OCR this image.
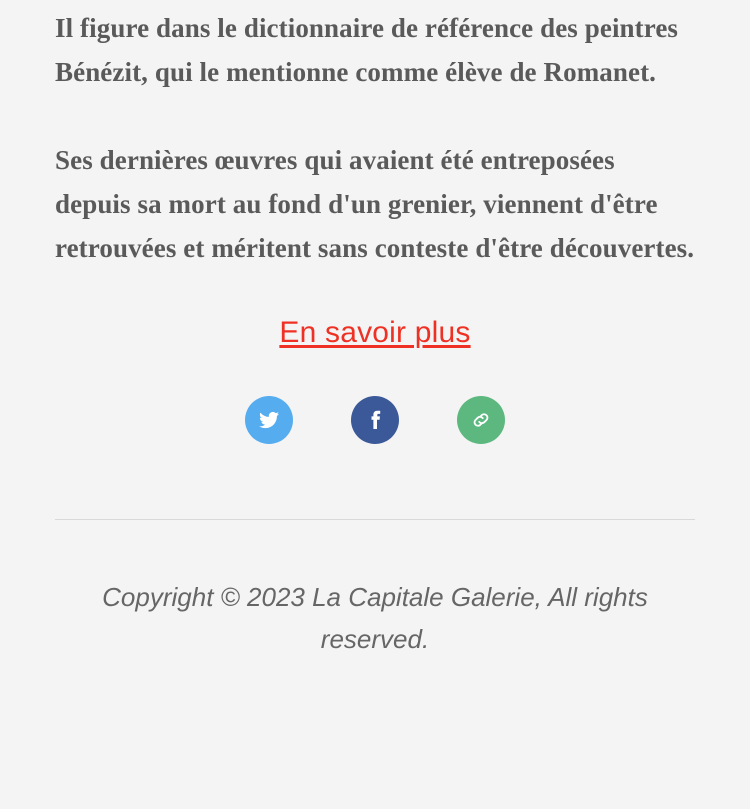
Il figure dans le dictionnaire de référence des peintres Bénézit, qui le mentionne comme élève de Romanet.

Ses dernières œuvres qui avaient été entreposées depuis sa mort au fond d'un grenier, viennent d'être retrouvées et méritent sans conteste d'être découvertes.

En savoir plus
Copyright © 2023 La Capitale Galerie, All rights reserved.
